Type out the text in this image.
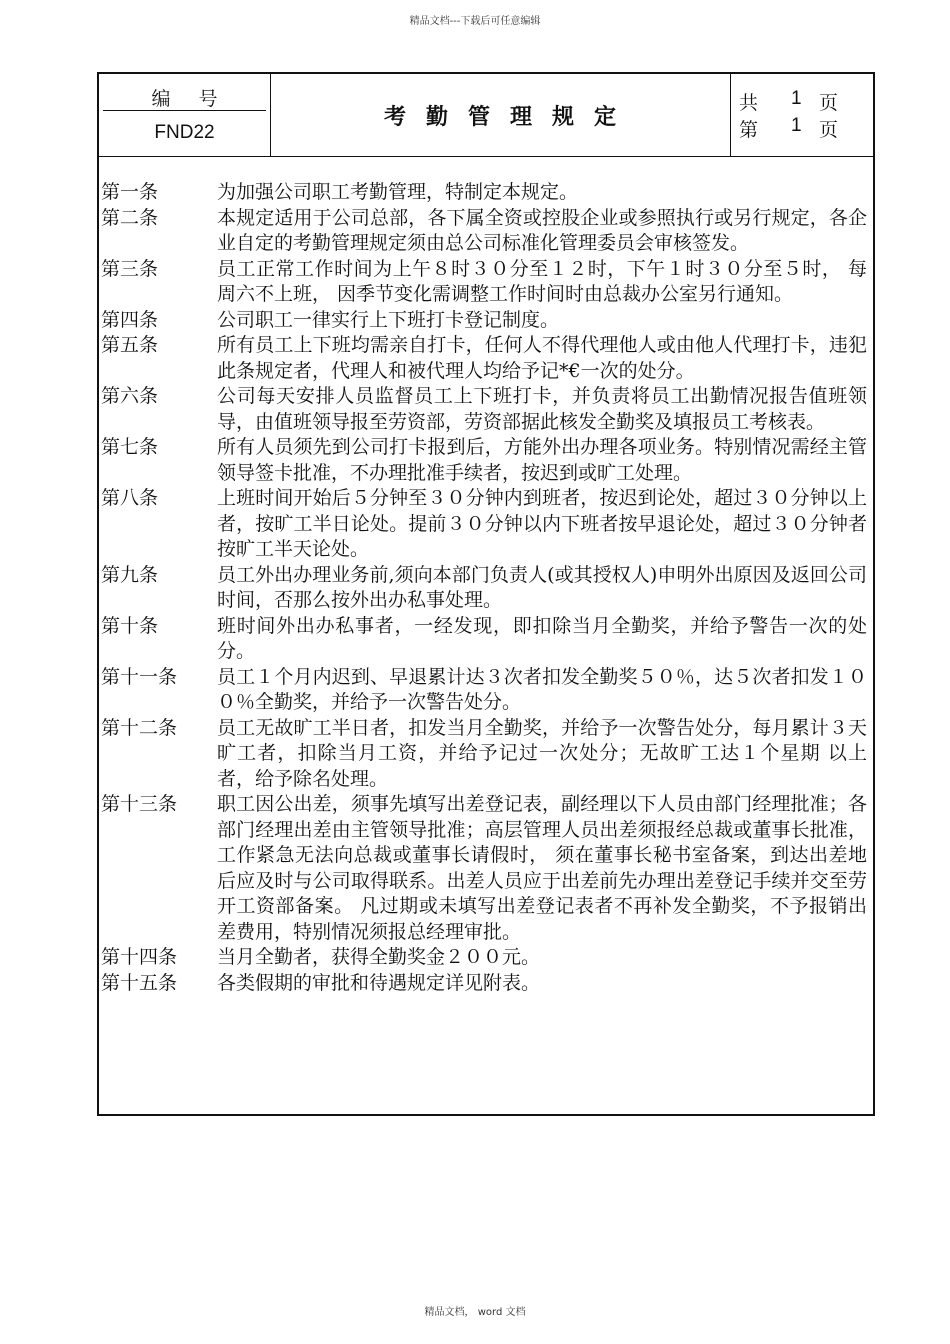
精品文档---下载后可任意编辑
编号
FND22
考勤管理规定
共 1 页
第 1 页
第一条	为加强公司职工考勤管理，特制定本规定。
第二条	本规定适用于公司总部，各下属全资或控股企业或参照执行或另行规定，各企业自定的考勤管理规定须由总公司标准化管理委员会审核签发。
第三条	员工正常工作时间为上午８时３０分至１２时，下午１时３０分至５时， 每周六不上班， 因季节变化需调整工作时间时由总裁办公室另行通知。
第四条	公司职工一律实行上下班打卡登记制度。
第五条	所有员工上下班均需亲自打卡，任何人不得代理他人或由他人代理打卡，违犯此条规定者，代理人和被代理人均给予记*€一次的处分。
第六条	公司每天安排人员监督员工上下班打卡，并负责将员工出勤情况报告值班领导，由值班领导报至劳资部，劳资部据此核发全勤奖及填报员工考核表。
第七条	所有人员须先到公司打卡报到后，方能外出办理各项业务。特别情况需经主管领导签卡批准，不办理批准手续者，按迟到或旷工处理。
第八条	上班时间开始后５分钟至３０分钟内到班者，按迟到论处，超过３０分钟以上者，按旷工半日论处。提前３０分钟以内下班者按早退论处，超过３０分钟者按旷工半天论处。
第九条	员工外出办理业务前,须向本部门负责人(或其授权人)申明外出原因及返回公司时间，否那么按外出办私事处理。
第十条	班时间外出办私事者，一经发现，即扣除当月全勤奖，并给予警告一次的处分。
第十一条	员工１个月内迟到、早退累计达３次者扣发全勤奖５０％，达５次者扣发１００％全勤奖，并给予一次警告处分。
第十二条	员工无故旷工半日者，扣发当月全勤奖，并给予一次警告处分，每月累计３天旷工者，扣除当月工资，并给予记过一次处分；无故旷工达１个星期 以上者，给予除名处理。
第十三条	职工因公出差，须事先填写出差登记表，副经理以下人员由部门经理批准；各部门经理出差由主管领导批准；高层管理人员出差须报经总裁或董事长批准， 工作紧急无法向总裁或董事长请假时， 须在董事长秘书室备案，到达出差地后应及时与公司取得联系。出差人员应于出差前先办理出差登记手续并交至劳开工资部备案。 凡过期或未填写出差登记表者不再补发全勤奖，不予报销出差费用，特别情况须报总经理审批。
第十四条	当月全勤者，获得全勤奖金２００元。
第十五条	各类假期的审批和待遇规定详见附表。
精品文档， word 文档
